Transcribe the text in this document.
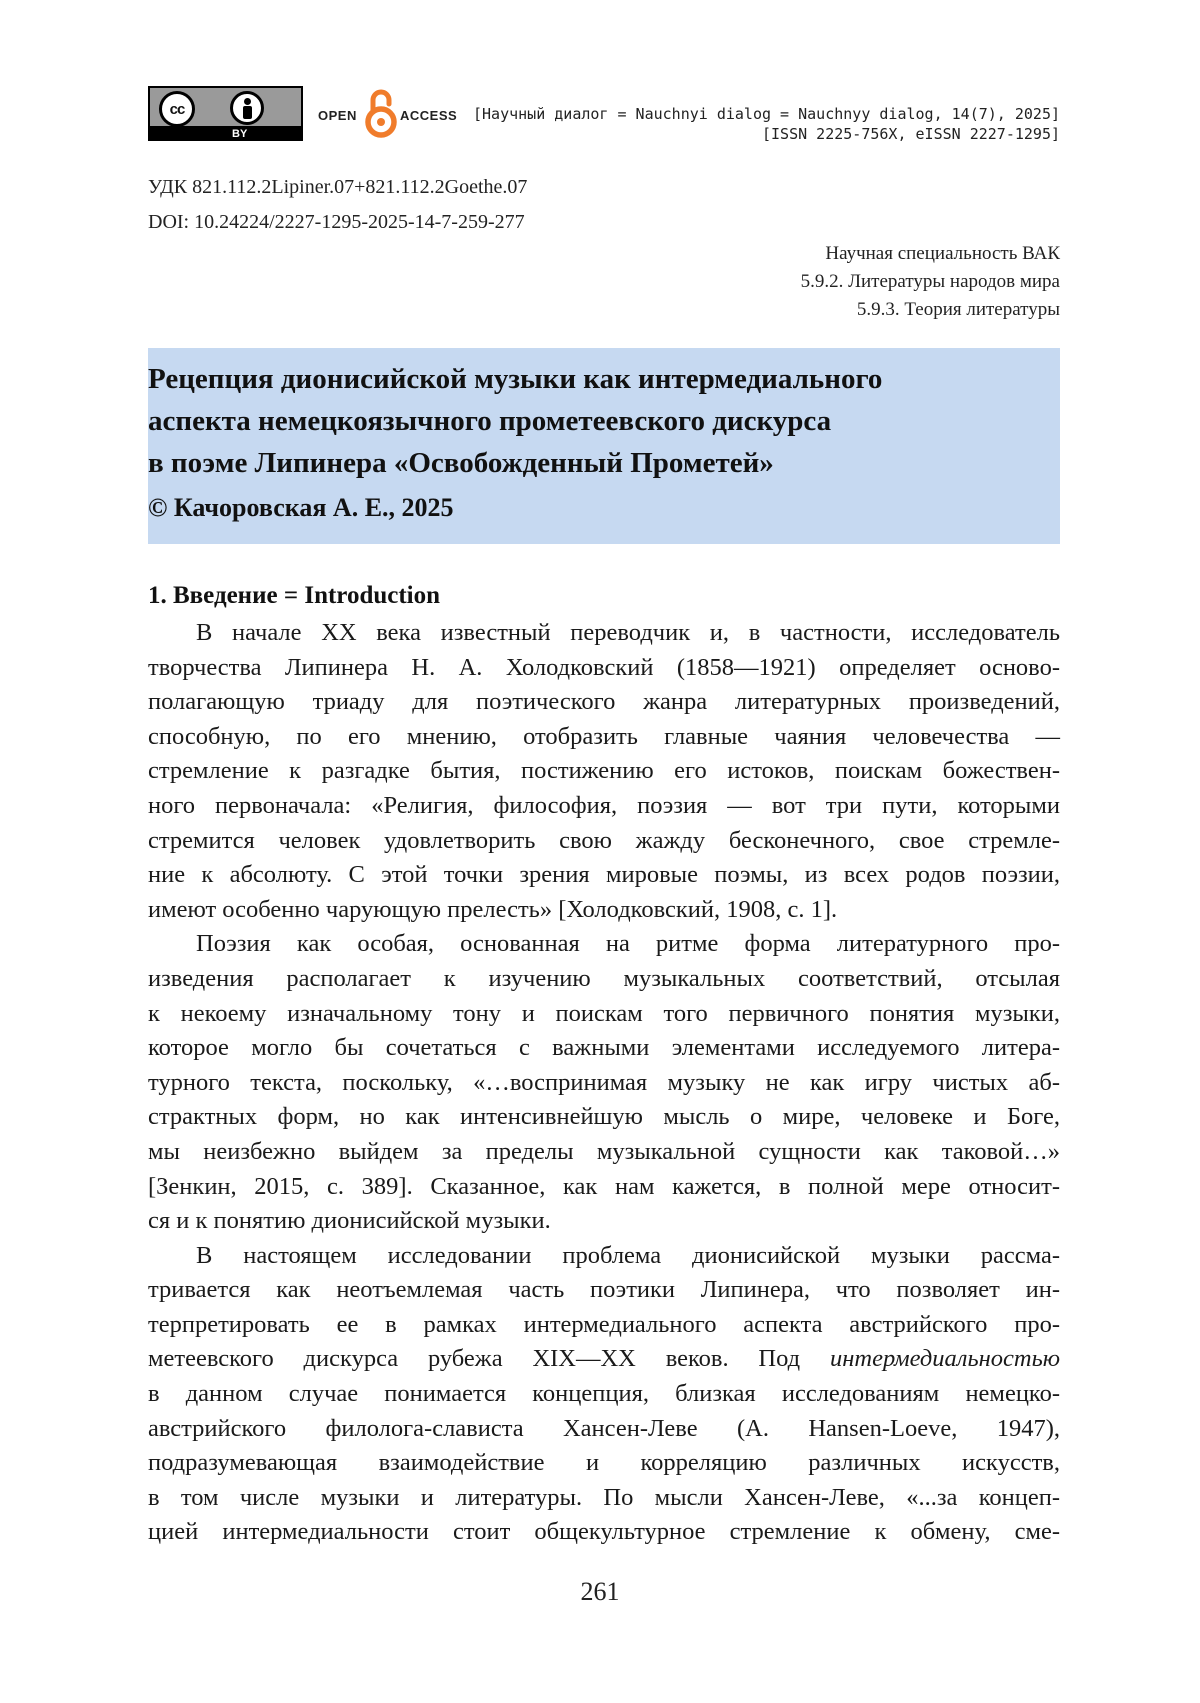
cc
BY
OPEN	ACCESS [Научный диалог = Nauchnyi dialog = Nauchnyy dialog, 14(7), 2025]
[ISSN 2225-756X, eISSN 2227-1295]
УДК 821.112.2Lipiner.07+821.112.2Goethe.07
DOI: 10.24224/2227-1295-2025-14-7-259-277
Научная специальность ВАК
5.9.2. Литературы народов мира
5.9.3. Теория литературы
Рецепция дионисийской музыки как интермедиального
аспекта немецкоязычного прометеевского дискурса
в поэме Липинера «Освобожденный Прометей»

© Качоровская А. Е., 2025

1. Введение = Introduction

В начале XX века известный переводчик и, в частности, исследователь
творчества Липинера Н. А. Холодковский (1858—1921) определяет осново-
полагающую триаду для поэтического жанра литературных произведений,
способную, по его мнению, отобразить главные чаяния человечества —
стремление к разгадке бытия, постижению его истоков, поискам божествен-
ного первоначала: «Религия, философия, поэзия — вот три пути, которыми
стремится человек удовлетворить свою жажду бесконечного, свое стремле-
ние к абсолюту. С этой точки зрения мировые поэмы, из всех родов поэзии,
имеют особенно чарующую прелесть» [Холодковский, 1908, с. 1].

Поэзия как особая, основанная на ритме форма литературного про-
изведения располагает к изучению музыкальных соответствий, отсылая
к некоему изначальному тону и поискам того первичного понятия музыки,
которое могло бы сочетаться с важными элементами исследуемого литера-
турного текста, поскольку, «…воспринимая музыку не как игру чистых аб-
страктных форм, но как интенсивнейшую мысль о мире, человеке и Боге,
мы неизбежно выйдем за пределы музыкальной сущности как таковой…»
[Зенкин, 2015, с. 389]. Сказанное, как нам кажется, в полной мере относит-
ся и к понятию дионисийской музыки.

В настоящем исследовании проблема дионисийской музыки рассма-
тривается как неотъемлемая часть поэтики Липинера, что позволяет ин-
терпретировать ее в рамках интермедиального аспекта австрийского про-
метеевского дискурса рубежа XIX—XX веков. Под интермедиальностью
в данном случае понимается концепция, близкая исследованиям немецко-
австрийского филолога-слависта Хансен-Леве (A. Hansen-Loeve, 1947),
подразумевающая взаимодействие и корреляцию различных искусств,
в том числе музыки и литературы. По мысли Хансен-Леве, «...за концеп-
цией интермедиальности стоит общекультурное стремление к обмену, сме-

261
